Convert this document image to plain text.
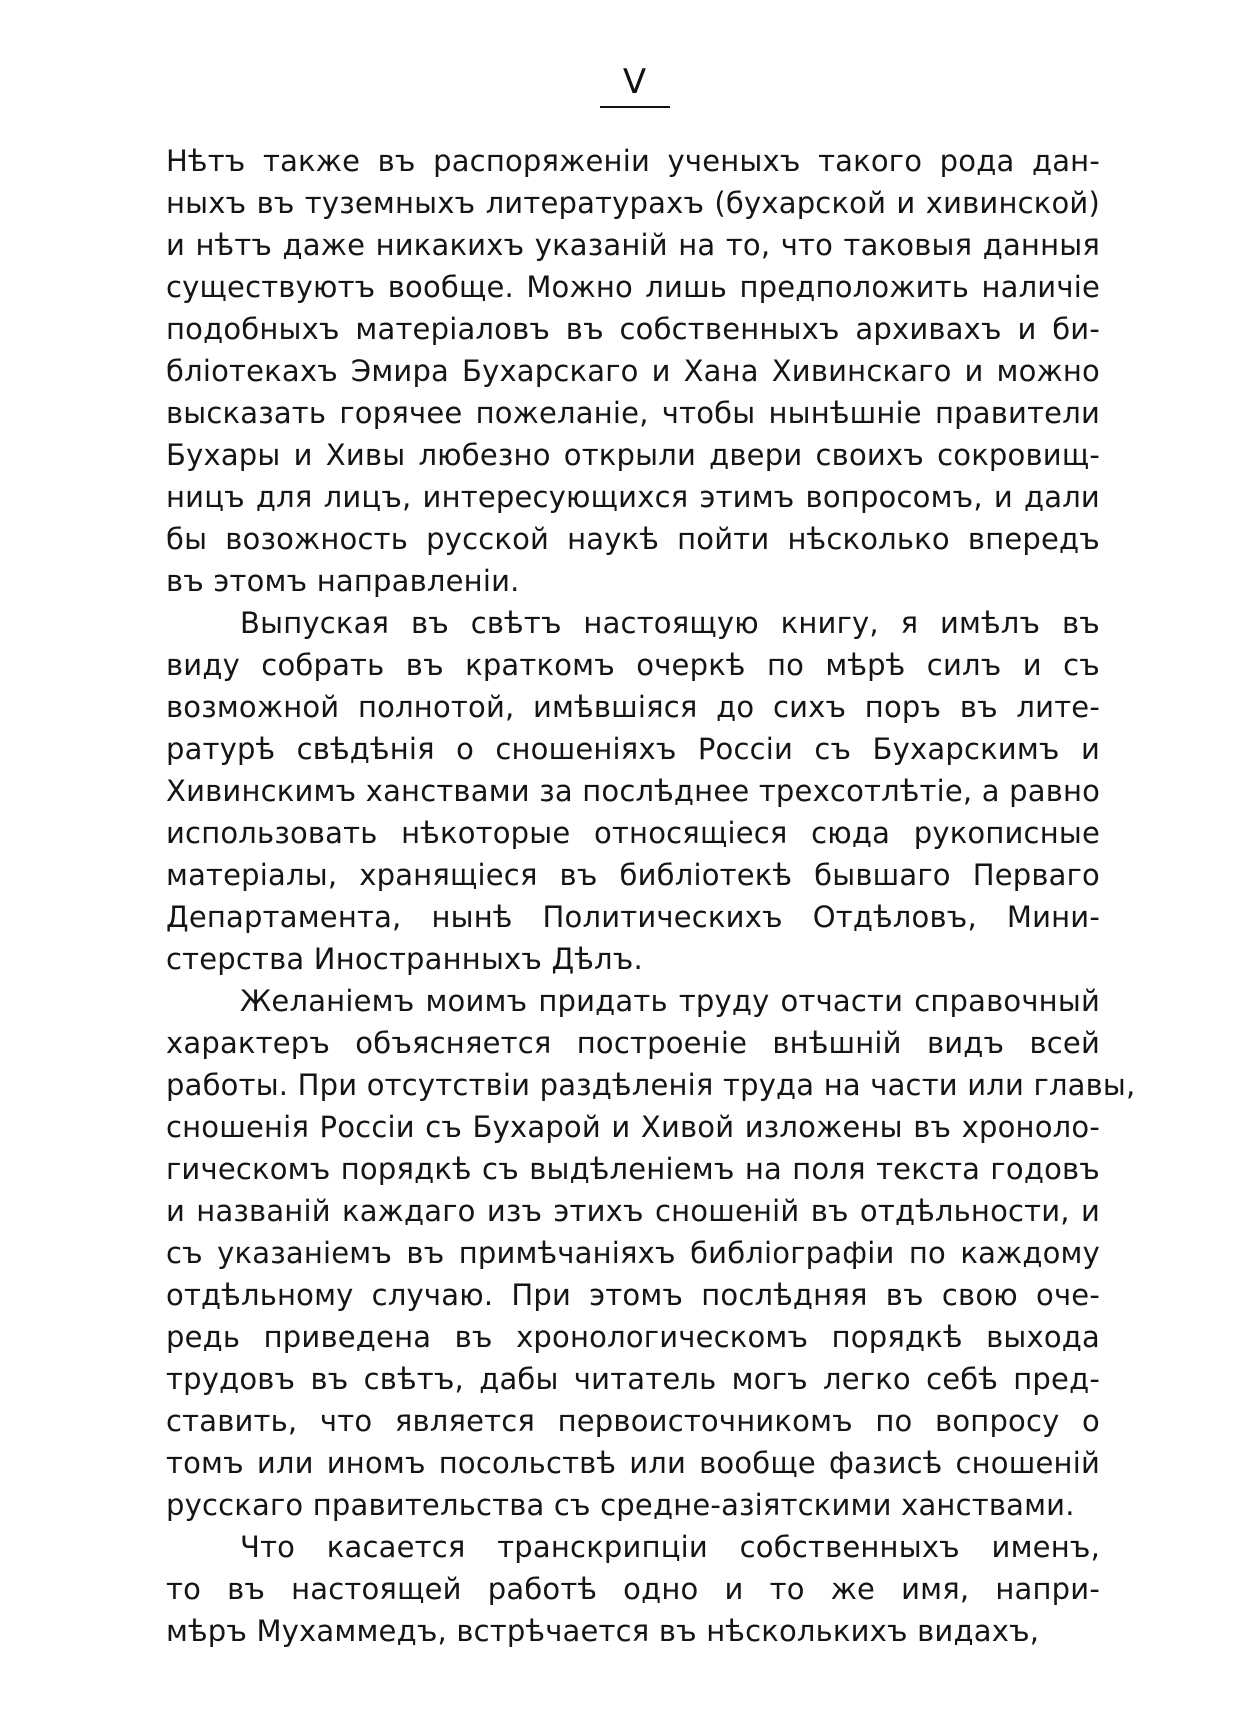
V
Нѣтъ также въ распоряженіи ученыхъ такого рода дан-
ныхъ въ туземныхъ литературахъ (бухарской и хивинской)
и нѣтъ даже никакихъ указаній на то, что таковыя данныя
существуютъ вообще. Можно лишь предположить наличіе
подобныхъ матеріаловъ въ собственныхъ архивахъ и би-
бліотекахъ Эмира Бухарскаго и Хана Хивинскаго и можно
высказать горячее пожеланіе, чтобы нынѣшніе правители
Бухары и Хивы любезно открыли двери своихъ сокровищ-
ницъ для лицъ, интересующихся этимъ вопросомъ, и дали
бы возожность русской наукѣ пойти нѣсколько впередъ
въ этомъ направленіи.
Выпуская въ свѣтъ настоящую книгу, я имѣлъ въ
виду собрать въ краткомъ очеркѣ по мѣрѣ силъ и съ
возможной полнотой, имѣвшіяся до сихъ поръ въ лите-
ратурѣ свѣдѣнія о сношеніяхъ Россіи съ Бухарскимъ и
Хивинскимъ ханствами за послѣднее трехсотлѣтіе, а равно
использовать нѣкоторые относящіеся сюда рукописные
матеріалы, хранящіеся въ библіотекѣ бывшаго Перваго
Департамента, нынѣ Политическихъ Отдѣловъ, Мини-
стерства Иностранныхъ Дѣлъ.
Желаніемъ моимъ придать труду отчасти справочный
характеръ объясняется построеніе внѣшній видъ всей
работы. При отсутствіи раздѣленія труда на части или главы,
сношенія Россіи съ Бухарой и Хивой изложены въ хроноло-
гическомъ порядкѣ съ выдѣленіемъ на поля текста годовъ
и названій каждаго изъ этихъ сношеній въ отдѣльности, и
съ указаніемъ въ примѣчаніяхъ библіографіи по каждому
отдѣльному случаю. При этомъ послѣдняя въ свою оче-
редь приведена въ хронологическомъ порядкѣ выхода
трудовъ въ свѣтъ, дабы читатель могъ легко себѣ пред-
ставить, что является первоисточникомъ по вопросу о
томъ или иномъ посольствѣ или вообще фазисѣ сношеній
русскаго правительства съ средне-азіятскими ханствами.
Что касается транскрипціи собственныхъ именъ,
то въ настоящей работѣ одно и то же имя, напри-
мѣръ Мухаммедъ, встрѣчается въ нѣсколькихъ видахъ,
